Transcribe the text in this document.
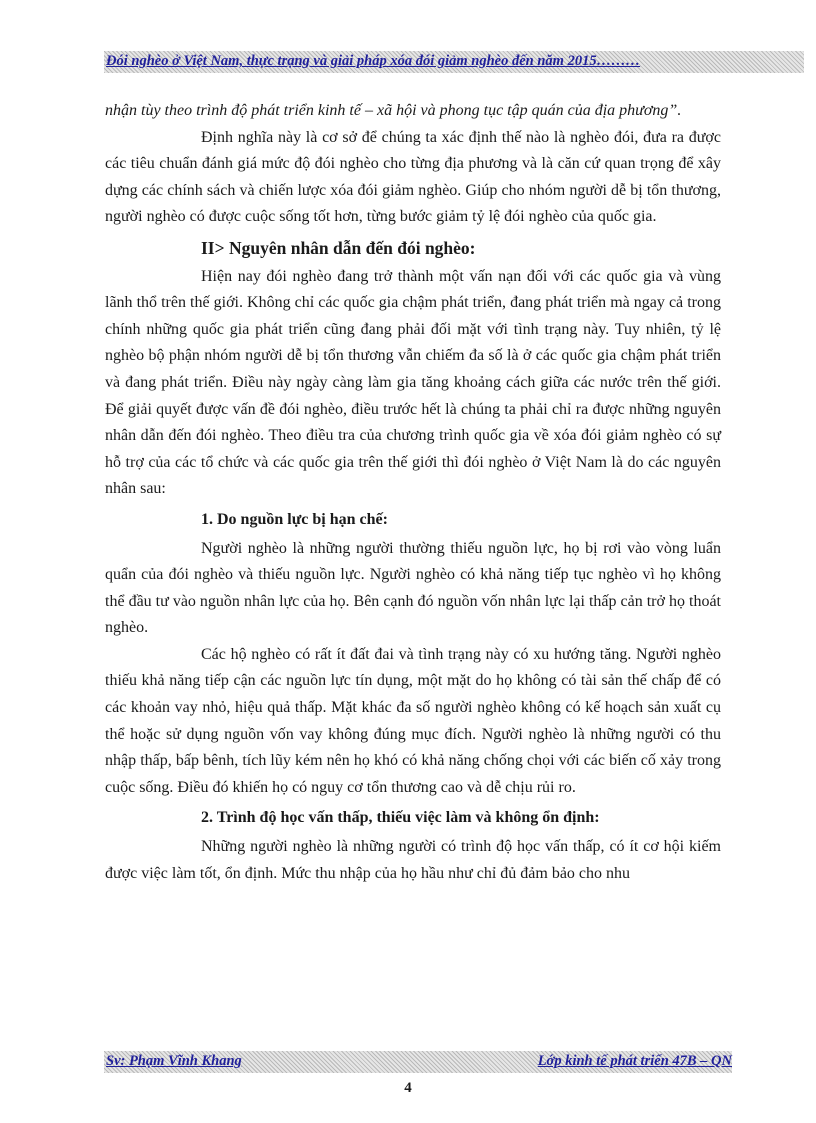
Đói nghèo ở Việt Nam, thực trạng và giải pháp xóa đói giảm nghèo đến năm 2015………

nhận tùy theo trình độ phát triển kinh tế – xã hội và phong tục tập quán của địa phương”.

Định nghĩa này là cơ sở để chúng ta xác định thế nào là nghèo đói, đưa ra được các tiêu chuẩn đánh giá mức độ đói nghèo cho từng địa phương và là căn cứ quan trọng để xây dựng các chính sách và chiến lược xóa đói giảm nghèo. Giúp cho nhóm người dễ bị tổn thương, người nghèo có được cuộc sống tốt hơn, từng bước giảm tỷ lệ đói nghèo của quốc gia.

II> Nguyên nhân dẫn đến đói nghèo:

Hiện nay đói nghèo đang trở thành một vấn nạn đối với các quốc gia và vùng lãnh thổ trên thế giới. Không chỉ các quốc gia chậm phát triển, đang phát triển mà ngay cả trong chính những quốc gia phát triển cũng đang phải đối mặt với tình trạng này. Tuy nhiên, tỷ lệ nghèo bộ phận nhóm người dễ bị tổn thương vẫn chiếm đa số là ở các quốc gia chậm phát triển và đang phát triển. Điều này ngày càng làm gia tăng khoảng cách giữa các nước trên thế giới. Để giải quyết được vấn đề đói nghèo, điều trước hết là chúng ta phải chỉ ra được những nguyên nhân dẫn đến đói nghèo. Theo điều tra của chương trình quốc gia về xóa đói giảm nghèo có sự hỗ trợ của các tổ chức và các quốc gia trên thế giới thì đói nghèo ở Việt Nam là do các nguyên nhân sau:

1. Do nguồn lực bị hạn chế:

Người nghèo là những người thường thiếu nguồn lực, họ bị rơi vào vòng luẩn quẩn của đói nghèo và thiếu nguồn lực. Người nghèo có khả năng tiếp tục nghèo vì họ không thể đầu tư vào nguồn nhân lực của họ. Bên cạnh đó nguồn vốn nhân lực lại thấp cản trở họ thoát nghèo.

Các hộ nghèo có rất ít đất đai và tình trạng này có xu hướng tăng. Người nghèo thiếu khả năng tiếp cận các nguồn lực tín dụng, một mặt do họ không có tài sản thế chấp để có các khoản vay nhỏ, hiệu quả thấp. Mặt khác đa số người nghèo không có kế hoạch sản xuất cụ thể hoặc sử dụng nguồn vốn vay không đúng mục đích. Người nghèo là những người có thu nhập thấp, bấp bênh, tích lũy kém nên họ khó có khả năng chống chọi với các biến cố xảy trong cuộc sống. Điều đó khiến họ có nguy cơ tổn thương cao và dễ chịu rủi ro.

2. Trình độ học vấn thấp, thiếu việc làm và không ổn định:

Những người nghèo là những người có trình độ học vấn thấp, có ít cơ hội kiếm được việc làm tốt, ổn định. Mức thu nhập của họ hầu như chỉ đủ đảm bảo cho nhu

Sv: Phạm Vĩnh Khang	Lớp kinh tế phát triển 47B – QN
4
